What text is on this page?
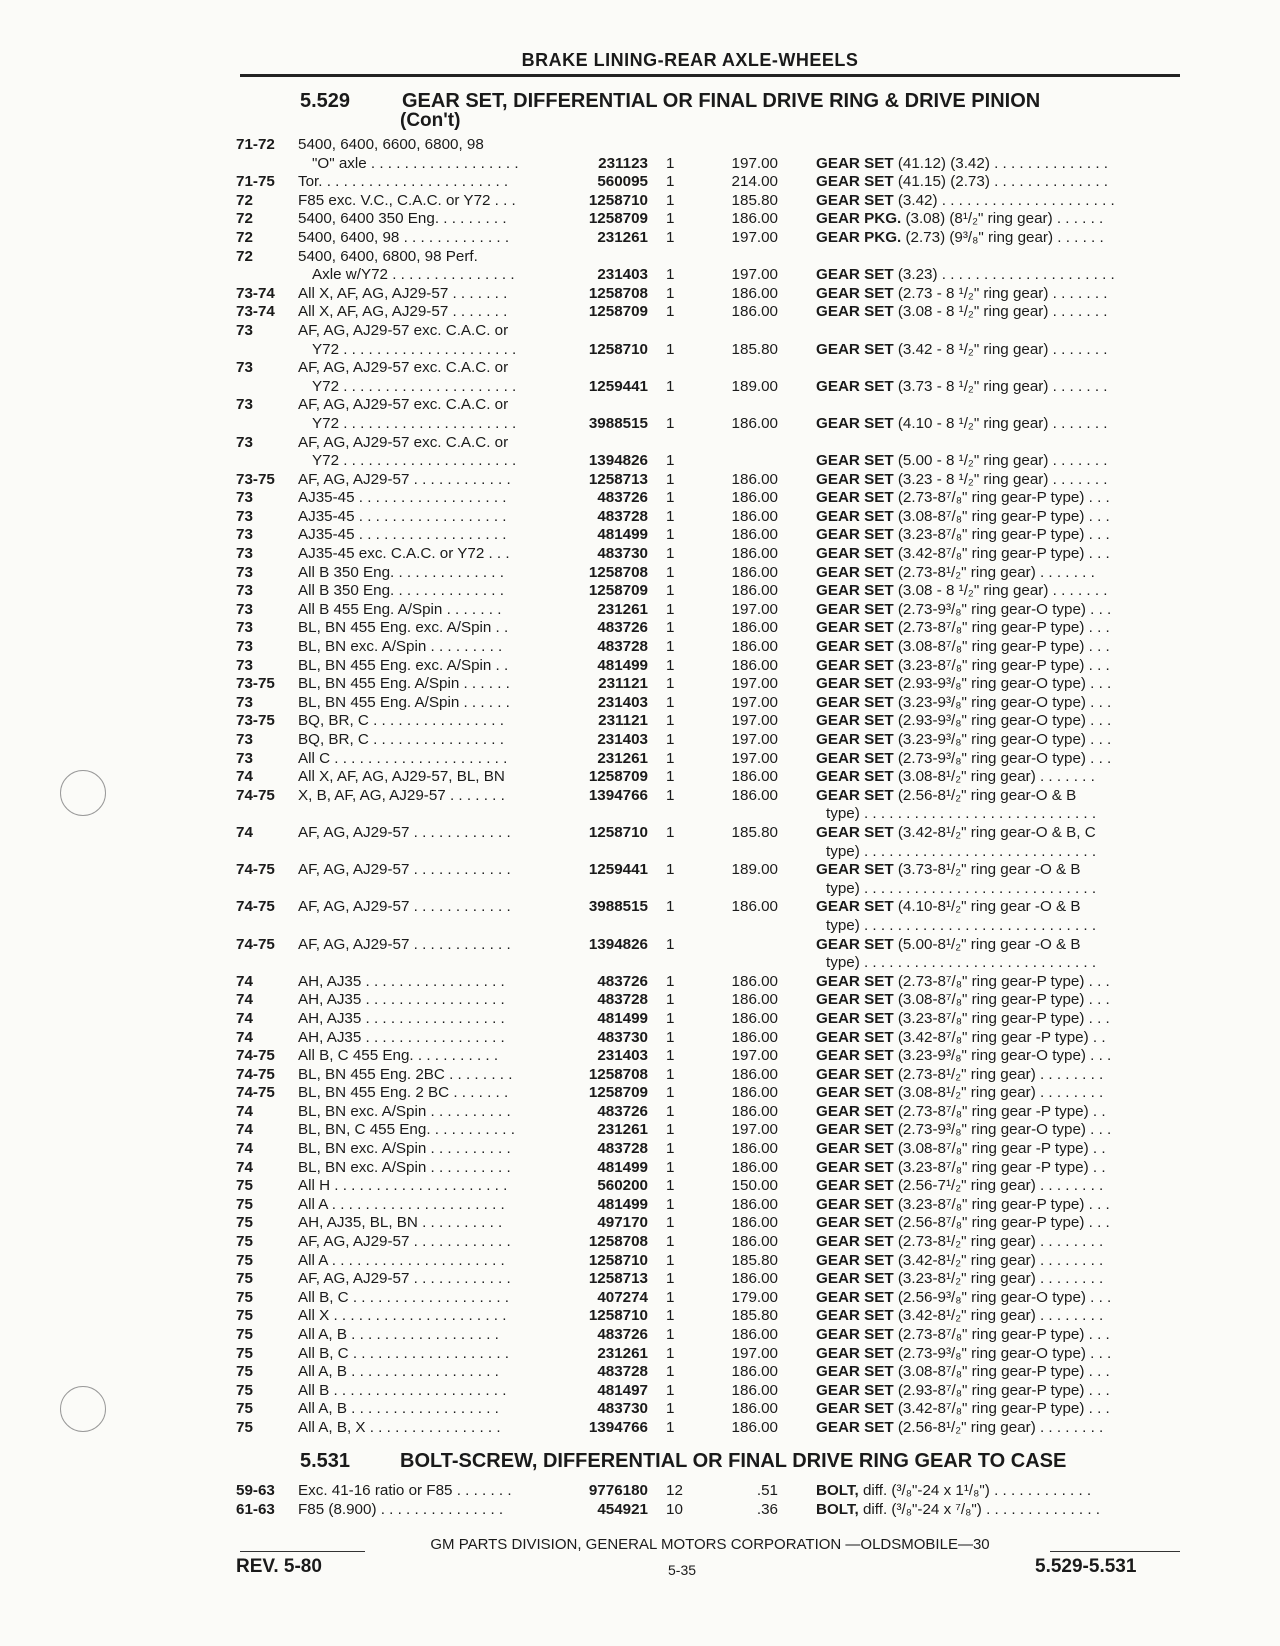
BRAKE LINING-REAR AXLE-WHEELS
5.529	GEAR SET, DIFFERENTIAL OR FINAL DRIVE RING & DRIVE PINION
(Con't)
71-72	5400, 6400, 6600, 6800, 98
"O" axle . . . . . . . . . . . . . . . . . .	231123 1	197.00	GEAR SET (41.12) (3.42) . . . . . . . . . . . . . .
71-75	Tor. . . . . . . . . . . . . . . . . . . . . . .	560095 1	214.00	GEAR SET (41.15) (2.73) . . . . . . . . . . . . . .
72	F85 exc. V.C., C.A.C. or Y72 . . .	1258710 1	185.80	GEAR SET (3.42) . . . . . . . . . . . . . . . . . . . . .
72	5400, 6400 350 Eng. . . . . . . . .	1258709 1	186.00	GEAR PKG. (3.08) (8¹/₂" ring gear) . . . . . .
72	5400, 6400, 98 . . . . . . . . . . . . .	231261 1	197.00	GEAR PKG. (2.73) (9³/₈" ring gear) . . . . . .
72	5400, 6400, 6800, 98 Perf.
Axle w/Y72 . . . . . . . . . . . . . . .	231403 1	197.00	GEAR SET (3.23) . . . . . . . . . . . . . . . . . . . . .
73-74	All X, AF, AG, AJ29-57 . . . . . . .	1258708 1	186.00	GEAR SET (2.73 - 8 ¹/₂" ring gear) . . . . . . .
73-74	All X, AF, AG, AJ29-57 . . . . . . .	1258709 1	186.00	GEAR SET (3.08 - 8 ¹/₂" ring gear) . . . . . . .
73	AF, AG, AJ29-57 exc. C.A.C. or
Y72 . . . . . . . . . . . . . . . . . . . . .	1258710 1	185.80	GEAR SET (3.42 - 8 ¹/₂" ring gear) . . . . . . .
73	AF, AG, AJ29-57 exc. C.A.C. or
Y72 . . . . . . . . . . . . . . . . . . . . .	1259441 1	189.00	GEAR SET (3.73 - 8 ¹/₂" ring gear) . . . . . . .
73	AF, AG, AJ29-57 exc. C.A.C. or
Y72 . . . . . . . . . . . . . . . . . . . . .	3988515 1	186.00	GEAR SET (4.10 - 8 ¹/₂" ring gear) . . . . . . .
73	AF, AG, AJ29-57 exc. C.A.C. or
Y72 . . . . . . . . . . . . . . . . . . . . .	1394826 1	GEAR SET (5.00 - 8 ¹/₂" ring gear) . . . . . . .
73-75	AF, AG, AJ29-57 . . . . . . . . . . . .	1258713 1	186.00	GEAR SET (3.23 - 8 ¹/₂" ring gear) . . . . . . .
73	AJ35-45 . . . . . . . . . . . . . . . . . .	483726 1	186.00	GEAR SET (2.73-8⁷/₈" ring gear-P type) . . .
73	AJ35-45 . . . . . . . . . . . . . . . . . .	483728 1	186.00	GEAR SET (3.08-8⁷/₈" ring gear-P type) . . .
73	AJ35-45 . . . . . . . . . . . . . . . . . .	481499 1	186.00	GEAR SET (3.23-8⁷/₈" ring gear-P type) . . .
73	AJ35-45 exc. C.A.C. or Y72 . . .	483730 1	186.00	GEAR SET (3.42-8⁷/₈" ring gear-P type) . . .
73	All B 350 Eng. . . . . . . . . . . . . .	1258708 1	186.00	GEAR SET (2.73-8¹/₂" ring gear) . . . . . . .
73	All B 350 Eng. . . . . . . . . . . . . .	1258709 1	186.00	GEAR SET (3.08 - 8 ¹/₂" ring gear) . . . . . . .
73	All B 455 Eng. A/Spin . . . . . . .	231261 1	197.00	GEAR SET (2.73-9³/₈" ring gear-O type) . . .
73	BL, BN 455 Eng. exc. A/Spin . .	483726 1	186.00	GEAR SET (2.73-8⁷/₈" ring gear-P type) . . .
73	BL, BN exc. A/Spin . . . . . . . . .	483728 1	186.00	GEAR SET (3.08-8⁷/₈" ring gear-P type) . . .
73	BL, BN 455 Eng. exc. A/Spin . .	481499 1	186.00	GEAR SET (3.23-8⁷/₈" ring gear-P type) . . .
73-75	BL, BN 455 Eng. A/Spin . . . . . .	231121 1	197.00	GEAR SET (2.93-9³/₈" ring gear-O type) . . .
73	BL, BN 455 Eng. A/Spin . . . . . .	231403 1	197.00	GEAR SET (3.23-9³/₈" ring gear-O type) . . .
73-75	BQ, BR, C . . . . . . . . . . . . . . . .	231121 1	197.00	GEAR SET (2.93-9³/₈" ring gear-O type) . . .
73	BQ, BR, C . . . . . . . . . . . . . . . .	231403 1	197.00	GEAR SET (3.23-9³/₈" ring gear-O type) . . .
73	All C . . . . . . . . . . . . . . . . . . . . .	231261 1	197.00	GEAR SET (2.73-9³/₈" ring gear-O type) . . .
74	All X, AF, AG, AJ29-57, BL, BN	1258709 1	186.00	GEAR SET (3.08-8¹/₂" ring gear) . . . . . . .
74-75	X, B, AF, AG, AJ29-57 . . . . . . .	1394766 1	186.00	GEAR SET (2.56-8¹/₂" ring gear-O & B
type) . . . . . . . . . . . . . . . . . . . . . . . . . . . .
74	AF, AG, AJ29-57 . . . . . . . . . . . .	1258710 1	185.80	GEAR SET (3.42-8¹/₂" ring gear-O & B, C
type) . . . . . . . . . . . . . . . . . . . . . . . . . . . .
74-75	AF, AG, AJ29-57 . . . . . . . . . . . .	1259441 1	189.00	GEAR SET (3.73-8¹/₂" ring gear -O & B
type) . . . . . . . . . . . . . . . . . . . . . . . . . . . .
74-75	AF, AG, AJ29-57 . . . . . . . . . . . .	3988515 1	186.00	GEAR SET (4.10-8¹/₂" ring gear -O & B
type) . . . . . . . . . . . . . . . . . . . . . . . . . . . .
74-75	AF, AG, AJ29-57 . . . . . . . . . . . .	1394826 1	GEAR SET (5.00-8¹/₂" ring gear -O & B
type) . . . . . . . . . . . . . . . . . . . . . . . . . . . .
74	AH, AJ35 . . . . . . . . . . . . . . . . .	483726 1	186.00	GEAR SET (2.73-8⁷/₈" ring gear-P type) . . .
74	AH, AJ35 . . . . . . . . . . . . . . . . .	483728 1	186.00	GEAR SET (3.08-8⁷/₈" ring gear-P type) . . .
74	AH, AJ35 . . . . . . . . . . . . . . . . .	481499 1	186.00	GEAR SET (3.23-8⁷/₈" ring gear-P type) . . .
74	AH, AJ35 . . . . . . . . . . . . . . . . .	483730 1	186.00	GEAR SET (3.42-8⁷/₈" ring gear -P type) . .
74-75	All B, C 455 Eng. . . . . . . . . . .	231403 1	197.00	GEAR SET (3.23-9³/₈" ring gear-O type) . . .
74-75	BL, BN 455 Eng. 2BC . . . . . . . .	1258708 1	186.00	GEAR SET (2.73-8¹/₂" ring gear) . . . . . . . .
74-75	BL, BN 455 Eng. 2 BC . . . . . . .	1258709 1	186.00	GEAR SET (3.08-8¹/₂" ring gear) . . . . . . . .
74	BL, BN exc. A/Spin . . . . . . . . . .	483726 1	186.00	GEAR SET (2.73-8⁷/₈" ring gear -P type) . .
74	BL, BN, C 455 Eng. . . . . . . . . . .	231261 1	197.00	GEAR SET (2.73-9³/₈" ring gear-O type) . . .
74	BL, BN exc. A/Spin . . . . . . . . . .	483728 1	186.00	GEAR SET (3.08-8⁷/₈" ring gear -P type) . .
74	BL, BN exc. A/Spin . . . . . . . . . .	481499 1	186.00	GEAR SET (3.23-8⁷/₈" ring gear -P type) . .
75	All H . . . . . . . . . . . . . . . . . . . . .	560200 1	150.00	GEAR SET (2.56-7¹/₂" ring gear) . . . . . . . .
75	All A . . . . . . . . . . . . . . . . . . . . .	481499 1	186.00	GEAR SET (3.23-8⁷/₈" ring gear-P type) . . .
75	AH, AJ35, BL, BN . . . . . . . . . .	497170 1	186.00	GEAR SET (2.56-8⁷/₈" ring gear-P type) . . .
75	AF, AG, AJ29-57 . . . . . . . . . . . .	1258708 1	186.00	GEAR SET (2.73-8¹/₂" ring gear) . . . . . . . .
75	All A . . . . . . . . . . . . . . . . . . . . .	1258710 1	185.80	GEAR SET (3.42-8¹/₂" ring gear) . . . . . . . .
75	AF, AG, AJ29-57 . . . . . . . . . . . .	1258713 1	186.00	GEAR SET (3.23-8¹/₂" ring gear) . . . . . . . .
75	All B, C . . . . . . . . . . . . . . . . . . .	407274 1	179.00	GEAR SET (2.56-9³/₈" ring gear-O type) . . .
75	All X . . . . . . . . . . . . . . . . . . . . .	1258710 1	185.80	GEAR SET (3.42-8¹/₂" ring gear) . . . . . . . .
75	All A, B . . . . . . . . . . . . . . . . . .	483726 1	186.00	GEAR SET (2.73-8⁷/₈" ring gear-P type) . . .
75	All B, C . . . . . . . . . . . . . . . . . . .	231261 1	197.00	GEAR SET (2.73-9³/₈" ring gear-O type) . . .
75	All A, B . . . . . . . . . . . . . . . . . .	483728 1	186.00	GEAR SET (3.08-8⁷/₈" ring gear-P type) . . .
75	All B . . . . . . . . . . . . . . . . . . . . .	481497 1	186.00	GEAR SET (2.93-8⁷/₈" ring gear-P type) . . .
75	All A, B . . . . . . . . . . . . . . . . . .	483730 1	186.00	GEAR SET (3.42-8⁷/₈" ring gear-P type) . . .
75	All A, B, X . . . . . . . . . . . . . . . .	1394766 1	186.00	GEAR SET (2.56-8¹/₂" ring gear) . . . . . . . .
5.531 BOLT-SCREW, DIFFERENTIAL OR FINAL DRIVE RING GEAR TO CASE
59-63	Exc. 41-16 ratio or F85 . . . . . . .	9776180 12	.51	BOLT, diff. (³/₈"-24 x 1¹/₈") . . . . . . . . . . . .
61-63	F85 (8.900) . . . . . . . . . . . . . . .	454921 10	.36	BOLT, diff. (³/₈"-24 x ⁷/₈") . . . . . . . . . . . . . .
GM PARTS DIVISION, GENERAL MOTORS CORPORATION —OLDSMOBILE—30
REV. 5-80	5-35	5.529-5.531
